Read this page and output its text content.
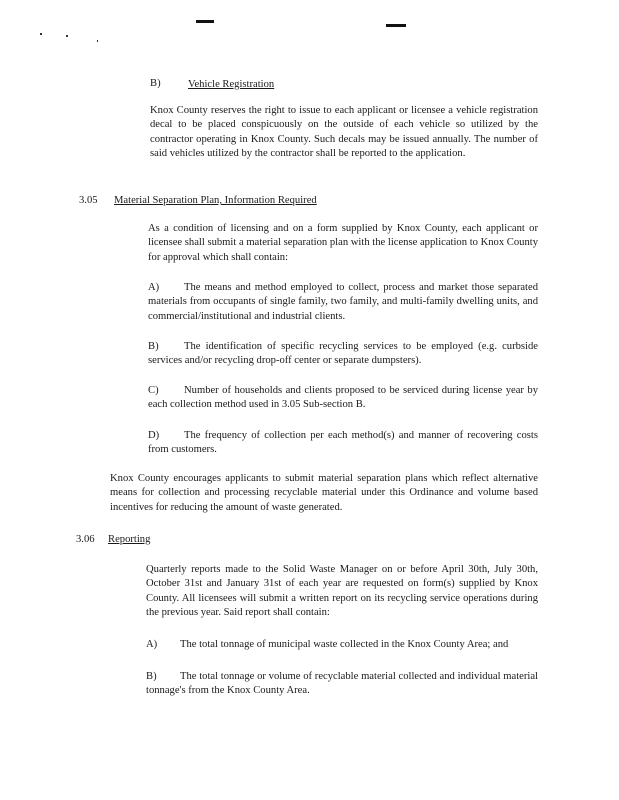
B)	Vehicle Registration

Knox County reserves the right to issue to each applicant or licensee a vehicle registration decal to be placed conspicuously on the outside of each vehicle so utilized by the contractor operating in Knox County. Such decals may be issued annually. The number of said vehicles utilized by the contractor shall be reported to the application.

3.05 Material Separation Plan, Information Required

As a condition of licensing and on a form supplied by Knox County, each applicant or licensee shall submit a material separation plan with the license application to Knox County for approval which shall contain:

A)	The means and method employed to collect, process and market those separated materials from occupants of single family, two family, and multi-family dwelling units, and commercial/institutional and industrial clients.

B)	The identification of specific recycling services to be employed (e.g. curbside services and/or recycling drop-off center or separate dumpsters).

C)	Number of households and clients proposed to be serviced during license year by each collection method used in 3.05 Sub-section B.

D)	The frequency of collection per each method(s) and manner of recovering costs from customers.

Knox County encourages applicants to submit material separation plans which reflect alternative means for collection and processing recyclable material under this Ordinance and volume based incentives for reducing the amount of waste generated.

3.06 Reporting

Quarterly reports made to the Solid Waste Manager on or before April 30th, July 30th, October 31st and January 31st of each year are requested on form(s) supplied by Knox County. All licensees will submit a written report on its recycling service operations during the previous year. Said report shall contain:

A)	The total tonnage of municipal waste collected in the Knox County Area; and

B)	The total tonnage or volume of recyclable material collected and individual material tonnage's from the Knox County Area.
